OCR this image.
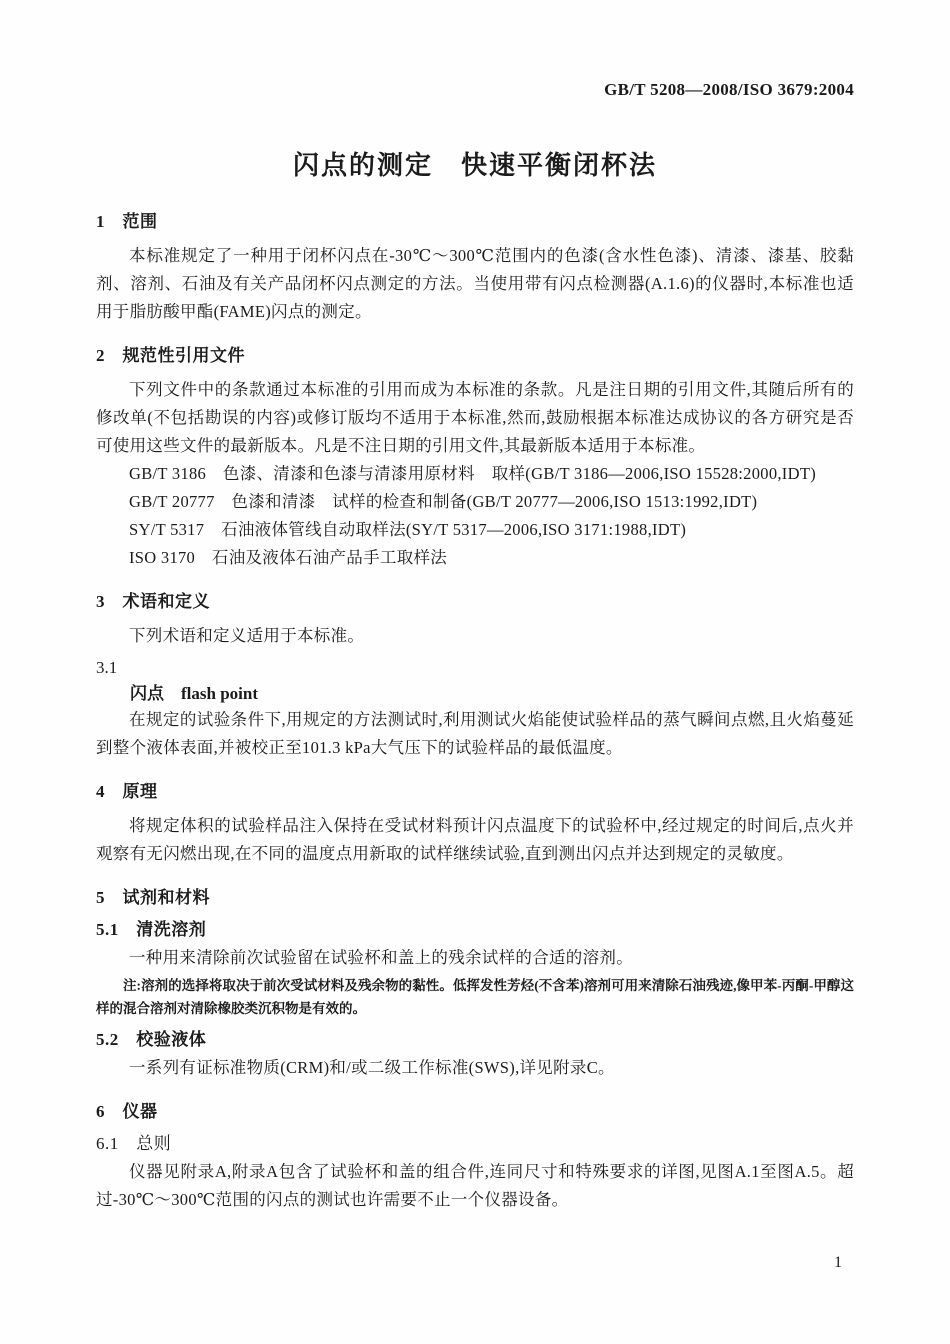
GB/T 5208—2008/ISO 3679:2004
闪点的测定　快速平衡闭杯法
1　范围

本标准规定了一种用于闭杯闪点在-30℃～300℃范围内的色漆(含水性色漆)、清漆、漆基、胶黏剂、溶剂、石油及有关产品闭杯闪点测定的方法。当使用带有闪点检测器(A.1.6)的仪器时,本标准也适用于脂肪酸甲酯(FAME)闪点的测定。

2　规范性引用文件

下列文件中的条款通过本标准的引用而成为本标准的条款。凡是注日期的引用文件,其随后所有的修改单(不包括勘误的内容)或修订版均不适用于本标准,然而,鼓励根据本标准达成协议的各方研究是否可使用这些文件的最新版本。凡是不注日期的引用文件,其最新版本适用于本标准。

GB/T 3186　色漆、清漆和色漆与清漆用原材料　取样(GB/T 3186—2006,ISO 15528:2000,IDT)

GB/T 20777　色漆和清漆　试样的检查和制备(GB/T 20777—2006,ISO 1513:1992,IDT)

SY/T 5317　石油液体管线自动取样法(SY/T 5317—2006,ISO 3171:1988,IDT)

ISO 3170　石油及液体石油产品手工取样法

3　术语和定义

下列术语和定义适用于本标准。

3.1

闪点　flash point

在规定的试验条件下,用规定的方法测试时,利用测试火焰能使试验样品的蒸气瞬间点燃,且火焰蔓延到整个液体表面,并被校正至101.3 kPa大气压下的试验样品的最低温度。

4　原理

将规定体积的试验样品注入保持在受试材料预计闪点温度下的试验杯中,经过规定的时间后,点火并观察有无闪燃出现,在不同的温度点用新取的试样继续试验,直到测出闪点并达到规定的灵敏度。

5　试剂和材料
5.1　清洗溶剂

一种用来清除前次试验留在试验杯和盖上的残余试样的合适的溶剂。

注:溶剂的选择将取决于前次受试材料及残余物的黏性。低挥发性芳烃(不含苯)溶剂可用来清除石油残迹,像甲苯-丙酮-甲醇这样的混合溶剂对清除橡胶类沉积物是有效的。

5.2　校验液体

一系列有证标准物质(CRM)和/或二级工作标准(SWS),详见附录C。

6　仪器
6.1　总则

仪器见附录A,附录A包含了试验杯和盖的组合件,连同尺寸和特殊要求的详图,见图A.1至图A.5。超过-30℃～300℃范围的闪点的测试也许需要不止一个仪器设备。

1
